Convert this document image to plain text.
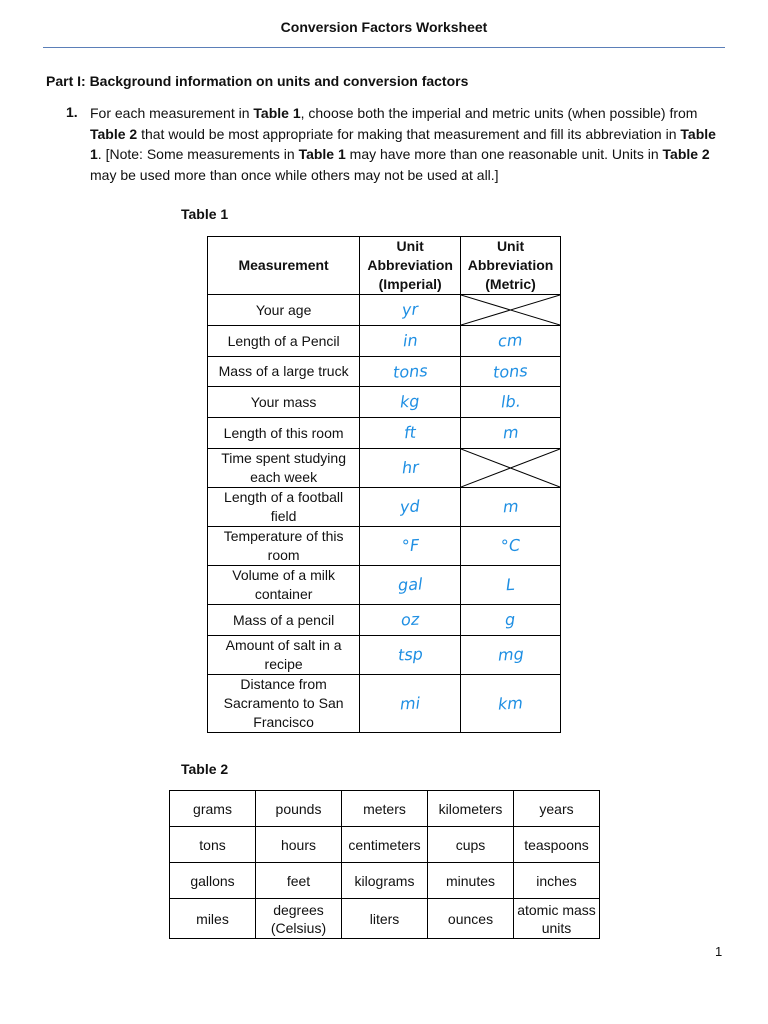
Conversion Factors Worksheet
Part I: Background information on units and conversion factors
1. For each measurement in Table 1, choose both the imperial and metric units (when possible) from Table 2 that would be most appropriate for making that measurement and fill its abbreviation in Table 1. [Note: Some measurements in Table 1 may have more than one reasonable unit. Units in Table 2 may be used more than once while others may not be used at all.]
Table 1
Measurement	Unit Abbreviation (Imperial)	Unit Abbreviation (Metric)
Your age	yr	

Length of a Pencil	in	cm
Mass of a large truck	tons	tons
Your mass	kg	lb.
Length of this room	ft	m
Time spent studying each week	hr	

Length of a football field	yd	m
Temperature of this room	°F	°C
Volume of a milk container	gal	L
Mass of a pencil	oz	g
Amount of salt in a recipe	tsp	mg
Distance from Sacramento to San Francisco	mi	km
Table 2
grams	pounds	meters	kilometers	years
tons	hours	centimeters	cups	teaspoons
gallons	feet	kilograms	minutes	inches
miles	degrees (Celsius)	liters	ounces	atomic mass units
1
